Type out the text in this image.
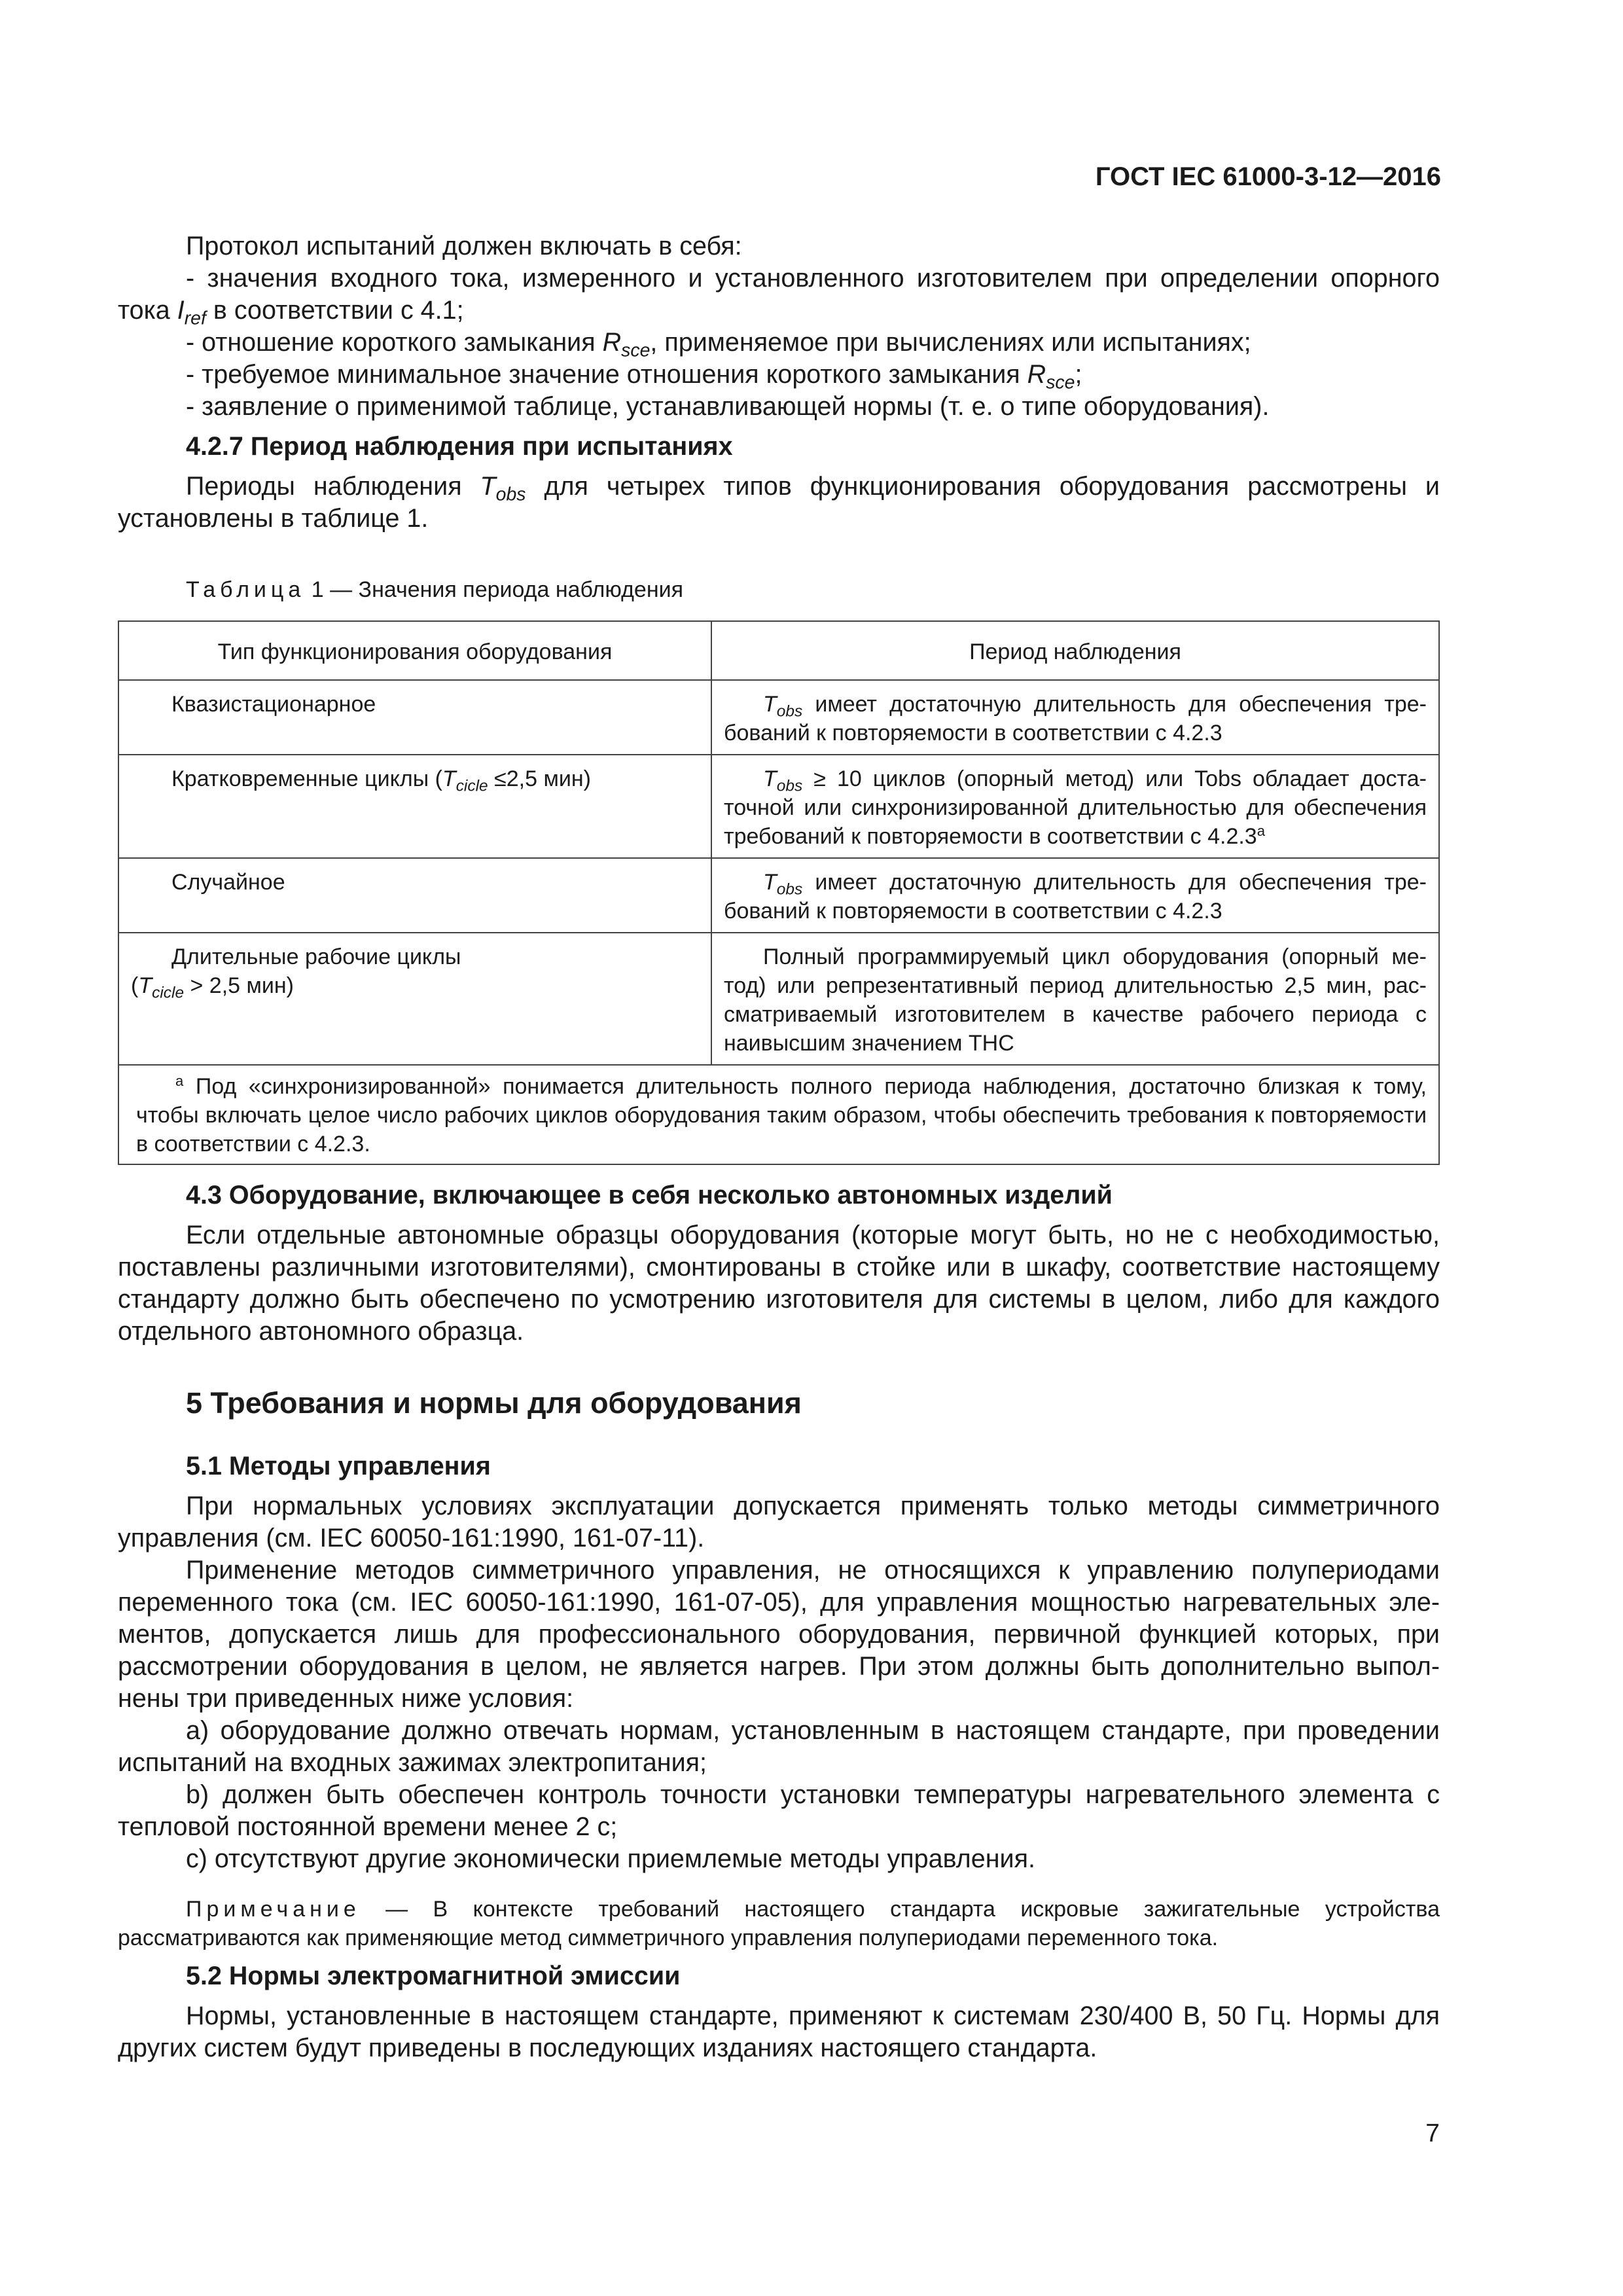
ГОСТ IEC 61000-3-12—2016

Протокол испытаний должен включать в себя:

- значения входного тока, измеренного и установленного изготовителем при определении опорного тока $I_{ref}$ в соответствии с 4.1;

- отношение короткого замыкания $R_{sce}$, применяемое при вычислениях или испытаниях;

- требуемое минимальное значение отношения короткого замыкания $R_{sce}$;

- заявление о применимой таблице, устанавливающей нормы (т. е. о типе оборудования).

4.2.7 Период наблюдения при испытаниях

Периоды наблюдения $T_{obs}$ для четырех типов функционирования оборудования рассмотрены и установлены в таблице 1.

Таблица 1 — Значения периода наблюдения

Тип функционирования оборудования	Период наблюдения
Квазистационарное	$T_{obs}$ имеет достаточную длительность для обеспечения требований к повторяемости в соответствии с 4.2.3
Кратковременные циклы ($T_{cicle} \le 2,5$ мин)	$T_{obs} \ge 10$ циклов (опорный метод) или Tobs обладает достаточной или синхронизированной длительностью для обеспечения требований к повторяемости в соответствии с 4.2.3$^a$
Случайное	$T_{obs}$ имеет достаточную длительность для обеспечения требований к повторяемости в соответствии с 4.2.3
Длительные рабочие циклы
($T_{cicle} > 2,5$ мин)	Полный программируемый цикл оборудования (опорный метод) или репрезентативный период длительностью 2,5 мин, рассматриваемый изготовителем в качестве рабочего периода с наивысшим значением THC
$^а$ Под «синхронизированной» понимается длительность полного периода наблюдения, достаточно близкая к тому, чтобы включать целое число рабочих циклов оборудования таким образом, чтобы обеспечить требования к повторяемости в соответствии с 4.2.3.	

4.3 Оборудование, включающее в себя несколько автономных изделий

Если отдельные автономные образцы оборудования (которые могут быть, но не с необходимостью, поставлены различными изготовителями), смонтированы в стойке или в шкафу, соответствие настоящему стандарту должно быть обеспечено по усмотрению изготовителя для системы в целом, либо для каждого отдельного автономного образца.

5 Требования и нормы для оборудования

5.1 Методы управления

При нормальных условиях эксплуатации допускается применять только методы симметричного управления (см. IEC 60050-161:1990, 161-07-11).

Применение методов симметричного управления, не относящихся к управлению полупериодами переменного тока (см. IEC 60050-161:1990, 161-07-05), для управления мощностью нагревательных элементов, допускается лишь для профессионального оборудования, первичной функцией которых, при рассмотрении оборудования в целом, не является нагрев. При этом должны быть дополнительно выполнены три приведенных ниже условия:

a) оборудование должно отвечать нормам, установленным в настоящем стандарте, при проведении испытаний на входных зажимах электропитания;

b) должен быть обеспечен контроль точности установки температуры нагревательного элемента с тепловой постоянной времени менее 2 с;

c) отсутствуют другие экономически приемлемые методы управления.

Примечание — В контексте требований настоящего стандарта искровые зажигательные устройства рассматриваются как применяющие метод симметричного управления полупериодами переменного тока.

5.2 Нормы электромагнитной эмиссии

Нормы, установленные в настоящем стандарте, применяют к системам 230/400 В, 50 Гц. Нормы для других систем будут приведены в последующих изданиях настоящего стандарта.

7
